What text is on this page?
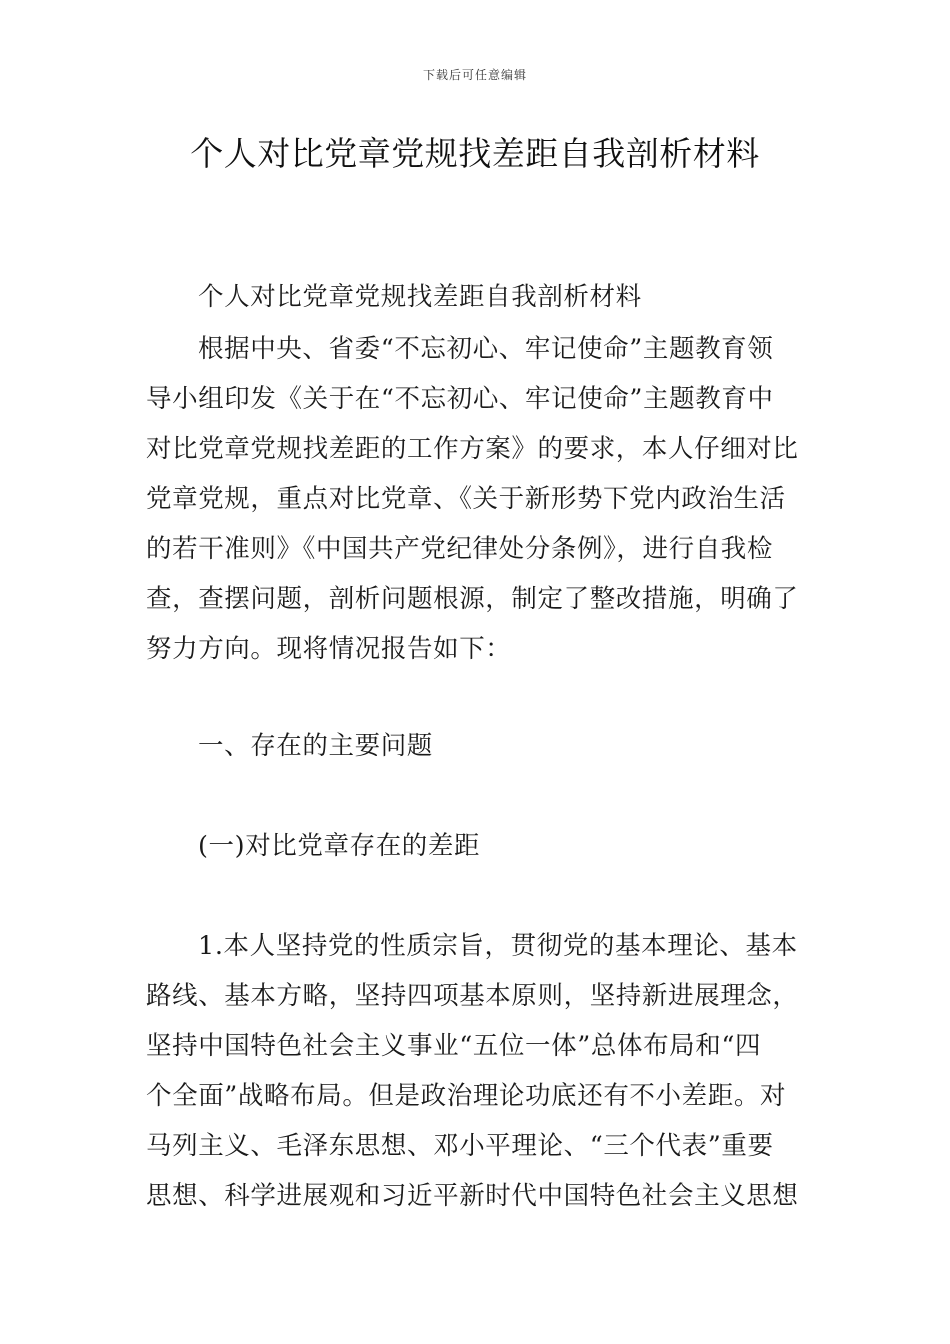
下载后可任意编辑
个人对比党章党规找差距自我剖析材料
个人对比党章党规找差距自我剖析材料
根据中央、省委“不忘初心、牢记使命”主题教育领
导小组印发《关于在“不忘初心、牢记使命”主题教育中
对比党章党规找差距的工作方案》的要求，本人仔细对比
党章党规，重点对比党章、《关于新形势下党内政治生活
的若干准则》《中国共产党纪律处分条例》，进行自我检
查，查摆问题，剖析问题根源，制定了整改措施，明确了
努力方向。现将情况报告如下：
一、存在的主要问题
(一)对比党章存在的差距
1.本人坚持党的性质宗旨，贯彻党的基本理论、基本
路线、基本方略，坚持四项基本原则，坚持新进展理念，
坚持中国特色社会主义事业“五位一体”总体布局和“四
个全面”战略布局。但是政治理论功底还有不小差距。对
马列主义、毛泽东思想、邓小平理论、“三个代表”重要
思想、科学进展观和习近平新时代中国特色社会主义思想
